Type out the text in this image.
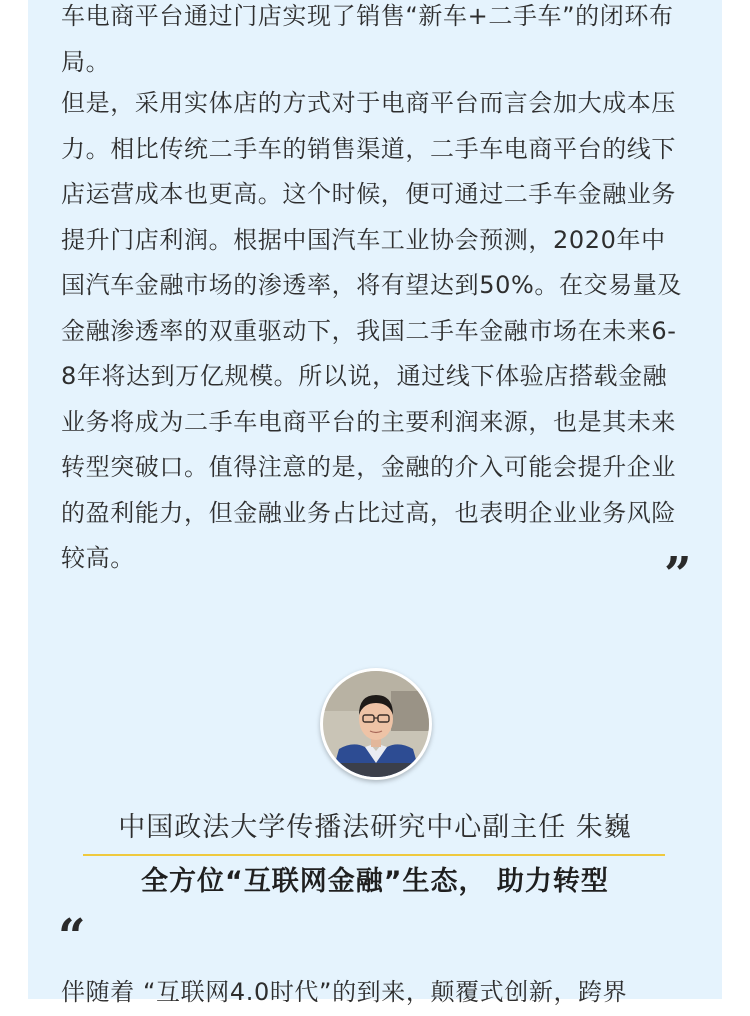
车电商平台通过门店实现了销售“新车+二手车”的闭环布局。

但是，采用实体店的方式对于电商平台而言会加大成本压力。相比传统二手车的销售渠道，二手车电商平台的线下店运营成本也更高。这个时候，便可通过二手车金融业务提升门店利润。根据中国汽车工业协会预测，2020年中国汽车金融市场的渗透率，将有望达到50%。在交易量及金融渗透率的双重驱动下，我国二手车金融市场在未来6-8年将达到万亿规模。所以说，通过线下体验店搭载金融业务将成为二手车电商平台的主要利润来源，也是其未来转型突破口。值得注意的是，金融的介入可能会提升企业的盈利能力，但金融业务占比过高，也表明企业业务风险较高。	”
中国政法大学传播法研究中心副主任 朱巍
全方位“互联网金融”生态， 助力转型
“

伴随着 “互联网4.0时代”的到来，颠覆式创新，跨界
